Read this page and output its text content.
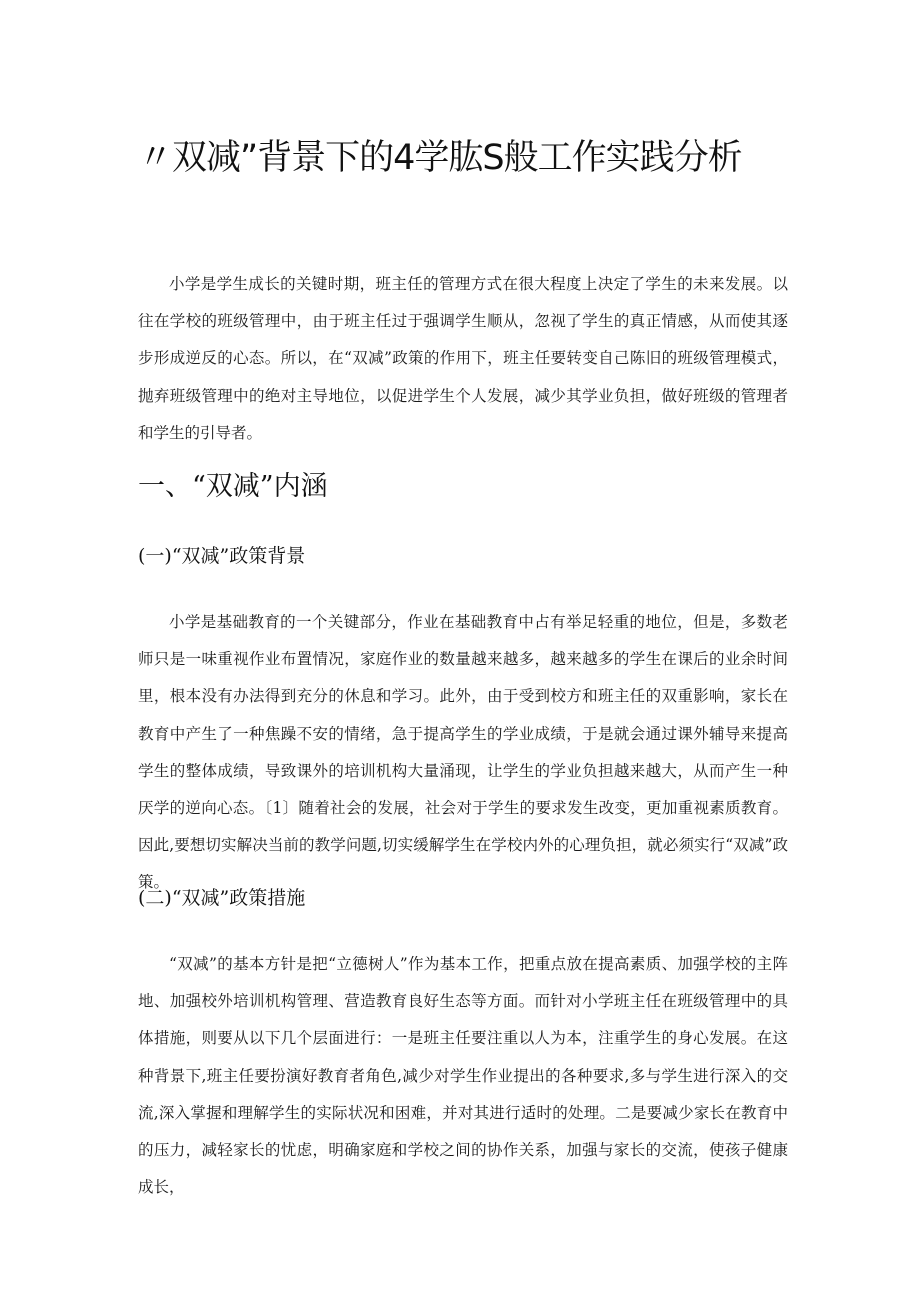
〃双减”背景下的4学肱S般工作实践分析

小学是学生成长的关键时期，班主任的管理方式在很大程度上决定了学生的未来发展。以往在学校的班级管理中，由于班主任过于强调学生顺从，忽视了学生的真正情感，从而使其逐步形成逆反的心态。所以，在“双减”政策的作用下，班主任要转变自己陈旧的班级管理模式，抛弃班级管理中的绝对主导地位，以促进学生个人发展，减少其学业负担，做好班级的管理者和学生的引导者。

一、“双减”内涵
(一)“双减”政策背景

小学是基础教育的一个关键部分，作业在基础教育中占有举足轻重的地位，但是，多数老师只是一味重视作业布置情况，家庭作业的数量越来越多，越来越多的学生在课后的业余时间里，根本没有办法得到充分的休息和学习。此外，由于受到校方和班主任的双重影响，家长在教育中产生了一种焦躁不安的情绪，急于提高学生的学业成绩，于是就会通过课外辅导来提高学生的整体成绩，导致课外的培训机构大量涌现，让学生的学业负担越来越大，从而产生一种厌学的逆向心态。〔1〕随着社会的发展，社会对于学生的要求发生改变，更加重视素质教育。因此,要想切实解决当前的教学问题,切实缓解学生在学校内外的心理负担，就必须实行“双减”政策。

(二)“双减”政策措施

“双减”的基本方针是把“立德树人”作为基本工作，把重点放在提高素质、加强学校的主阵地、加强校外培训机构管理、营造教育良好生态等方面。而针对小学班主任在班级管理中的具体措施，则要从以下几个层面进行：一是班主任要注重以人为本，注重学生的身心发展。在这种背景下,班主任要扮演好教育者角色,减少对学生作业提出的各种要求,多与学生进行深入的交流,深入掌握和理解学生的实际状况和困难，并对其进行适时的处理。二是要减少家长在教育中的压力，减轻家长的忧虑，明确家庭和学校之间的协作关系，加强与家长的交流，使孩子健康成长，
